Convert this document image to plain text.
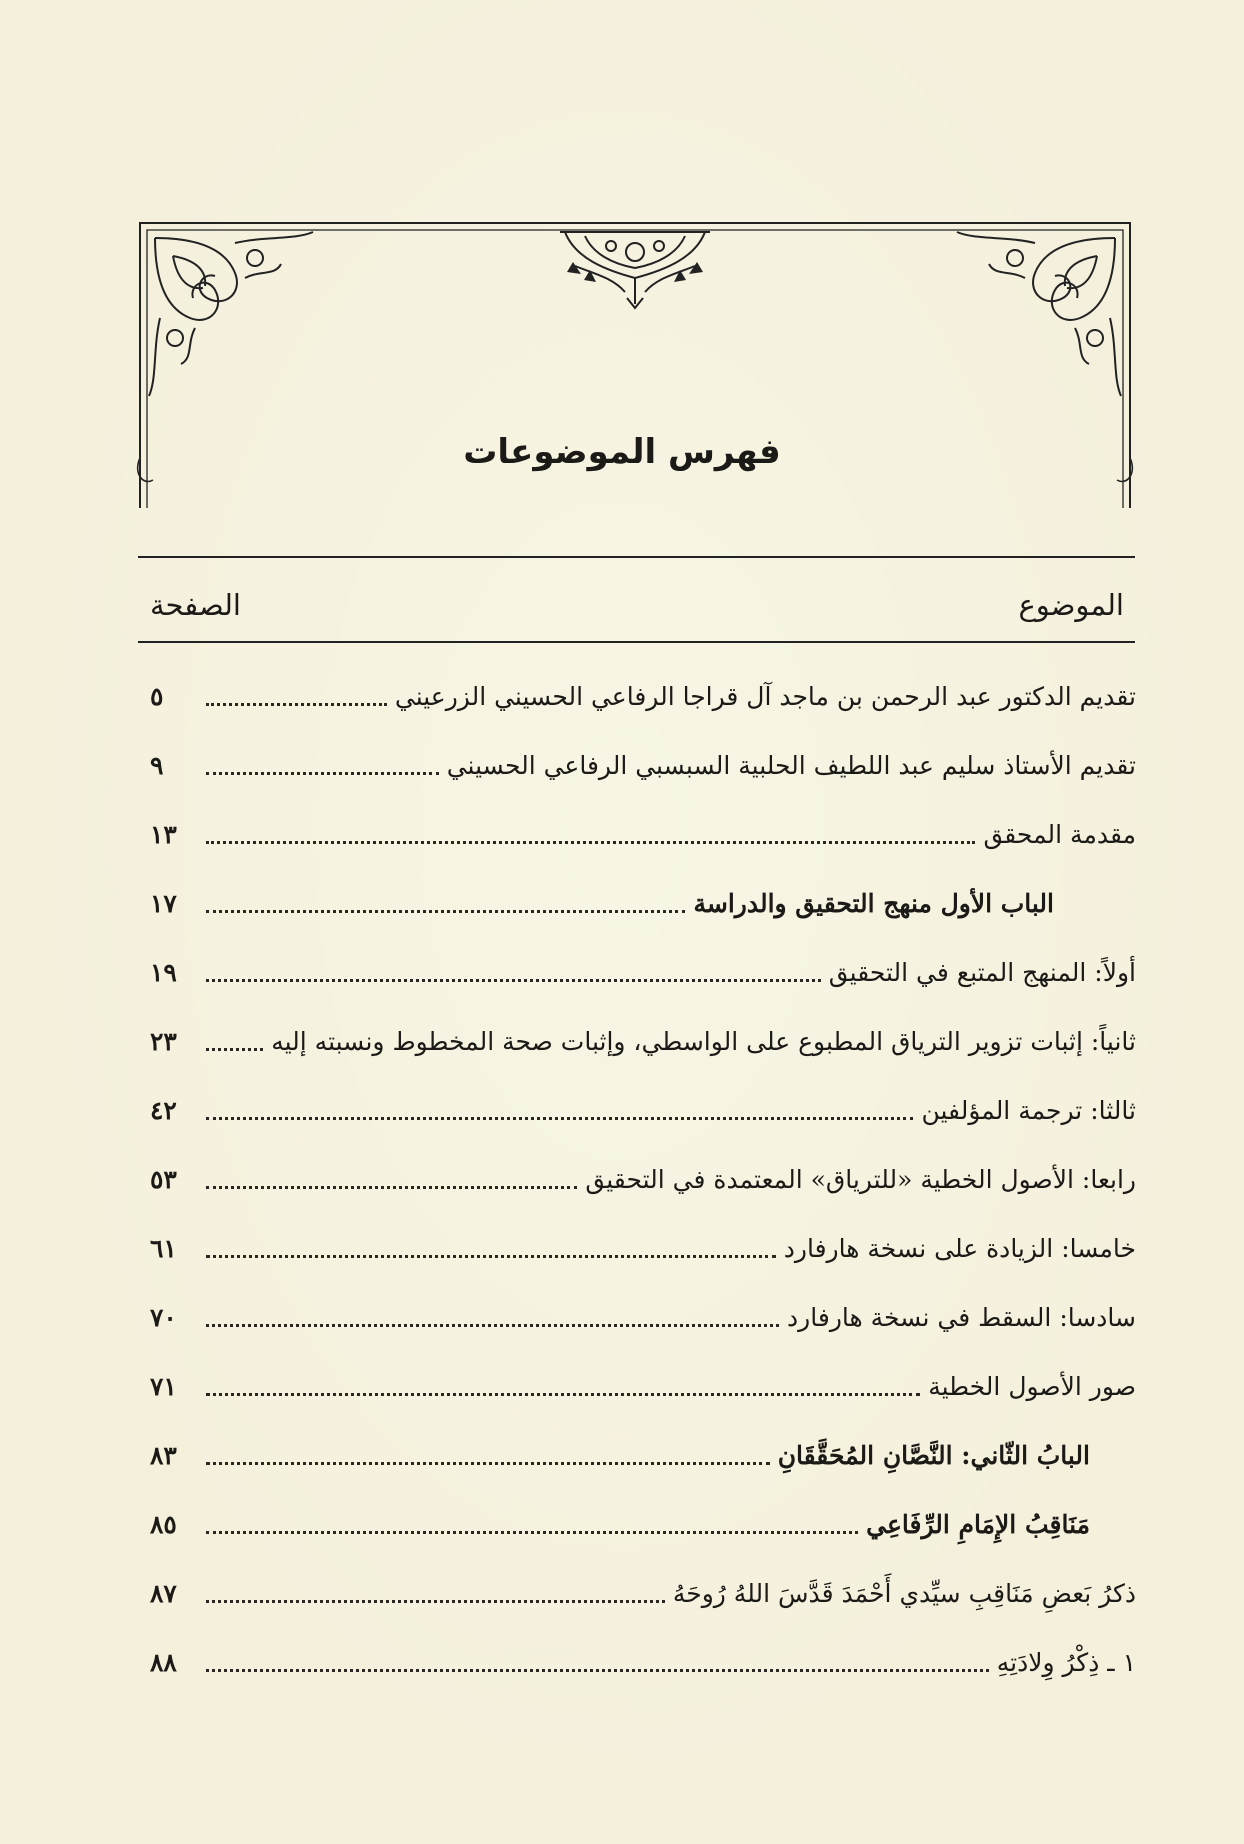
فهرس الموضوعات
الموضوع
الصفحة
تقديم الدكتور عبد الرحمن بن ماجد آل قراجا الرفاعي الحسيني الزرعيني
٥
تقديم الأستاذ سليم عبد اللطيف الحلبية السبسبي الرفاعي الحسيني
٩
مقدمة المحقق
١٣
الباب الأول منهج التحقيق والدراسة
١٧
أولاً: المنهج المتبع في التحقيق
١٩
ثانياً: إثبات تزوير الترياق المطبوع على الواسطي، وإثبات صحة المخطوط ونسبته إليه
٢٣
ثالثا: ترجمة المؤلفين
٤٢
رابعا: الأصول الخطية «للترياق» المعتمدة في التحقيق
٥٣
خامسا: الزيادة على نسخة هارفارد
٦١
سادسا: السقط في نسخة هارفارد
٧٠
صور الأصول الخطية
٧١
البابُ الثّاني: النَّصَّانِ المُحَقَّقَانِ
٨٣
مَنَاقِبُ الإِمَامِ الرِّفَاعِي
٨٥
ذكرُ بَعضِ مَنَاقِبِ سيِّدي أَحْمَدَ قَدَّسَ اللهُ رُوحَهُ
٨٧
١ ـ ذِكْرُ وِلادَتِهِ
٨٨
